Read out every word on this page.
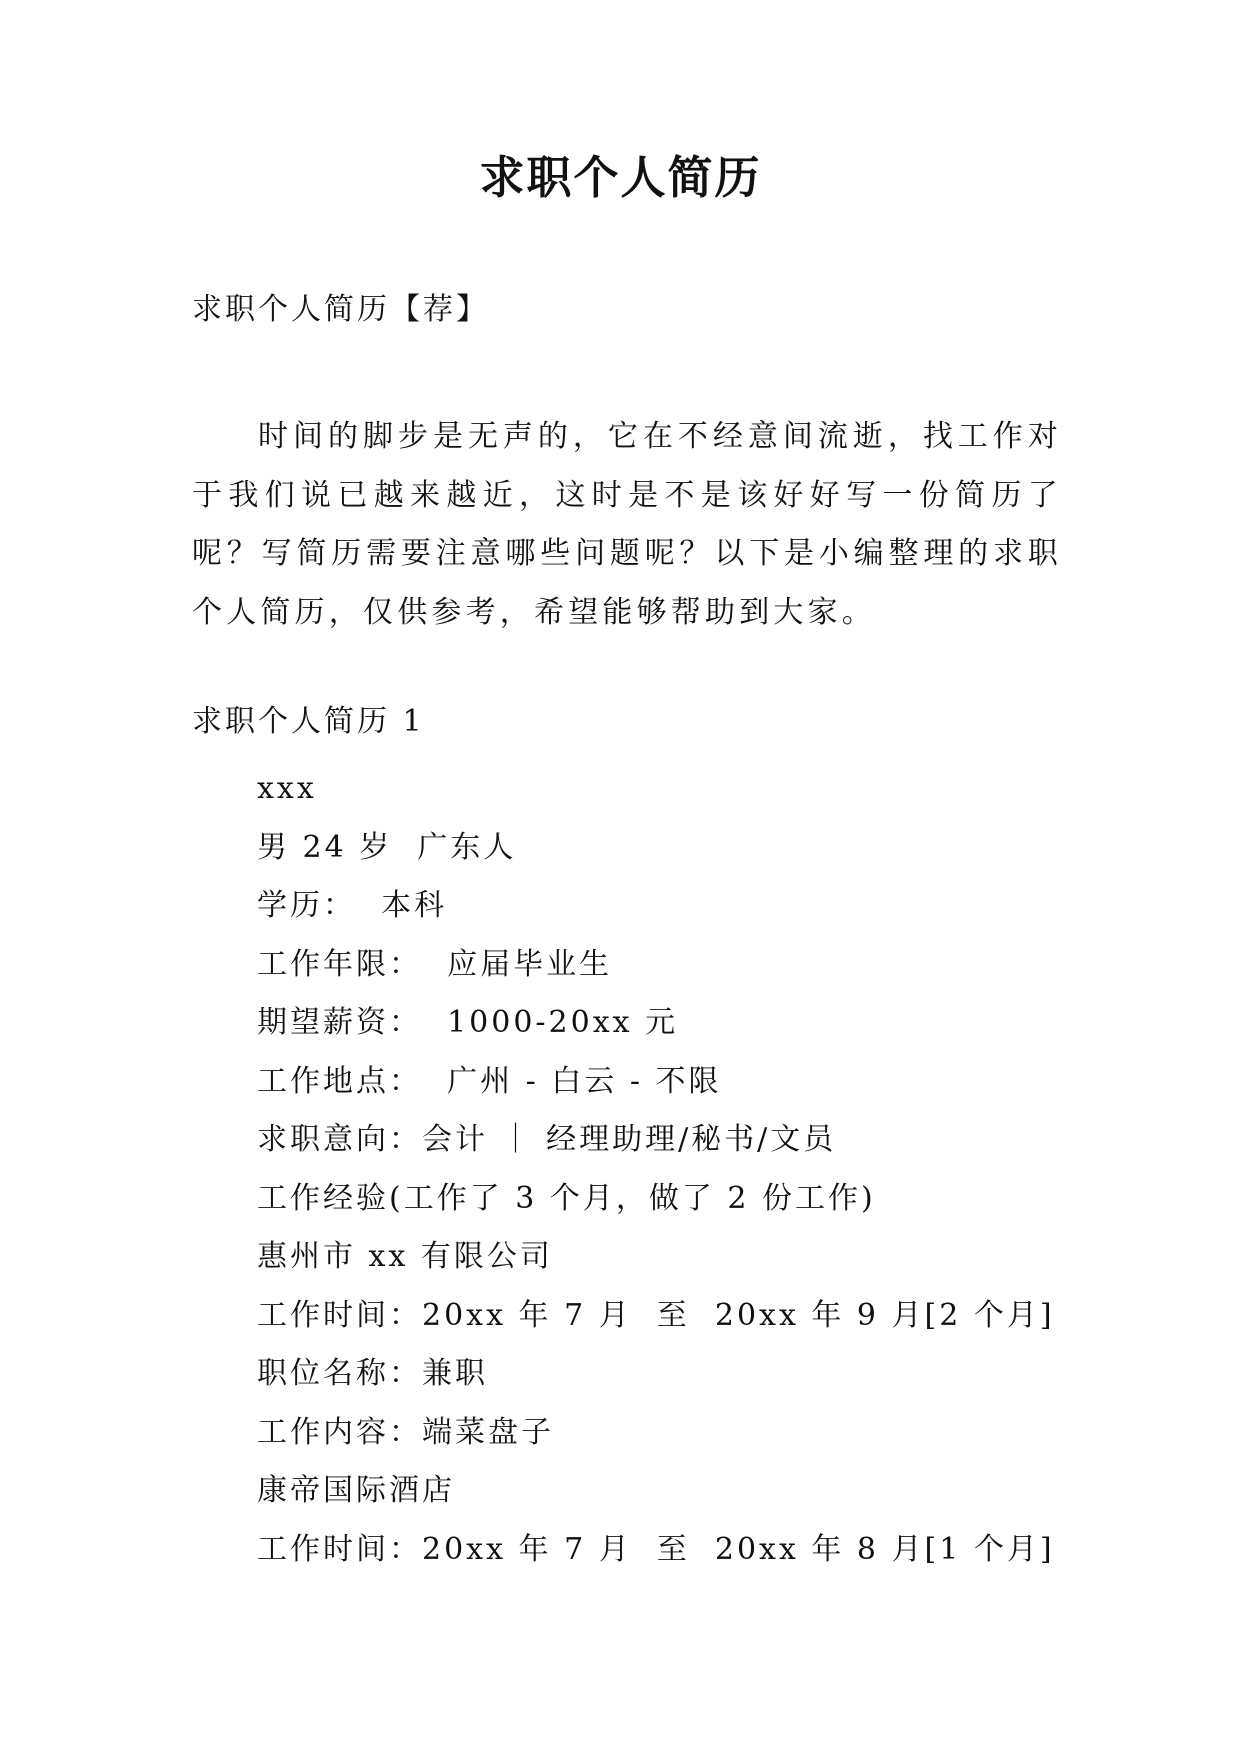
求职个人简历

求职个人简历【荐】

时间的脚步是无声的，它在不经意间流逝，找工作对于我们说已越来越近，这时是不是该好好写一份简历了呢？写简历需要注意哪些问题呢？以下是小编整理的求职个人简历，仅供参考，希望能够帮助到大家。

求职个人简历 1

xxx
男 24 岁  广东人
学历：  本科
工作年限：  应届毕业生
期望薪资：  1000-20xx 元
工作地点：  广州 - 白云 - 不限
求职意向：会计 ｜ 经理助理/秘书/文员
工作经验(工作了 3 个月，做了 2 份工作)
惠州市 xx 有限公司
工作时间：20xx 年 7 月  至  20xx 年 9 月[2 个月]
职位名称：兼职
工作内容：端菜盘子
康帝国际酒店
工作时间：20xx 年 7 月  至  20xx 年 8 月[1 个月]
